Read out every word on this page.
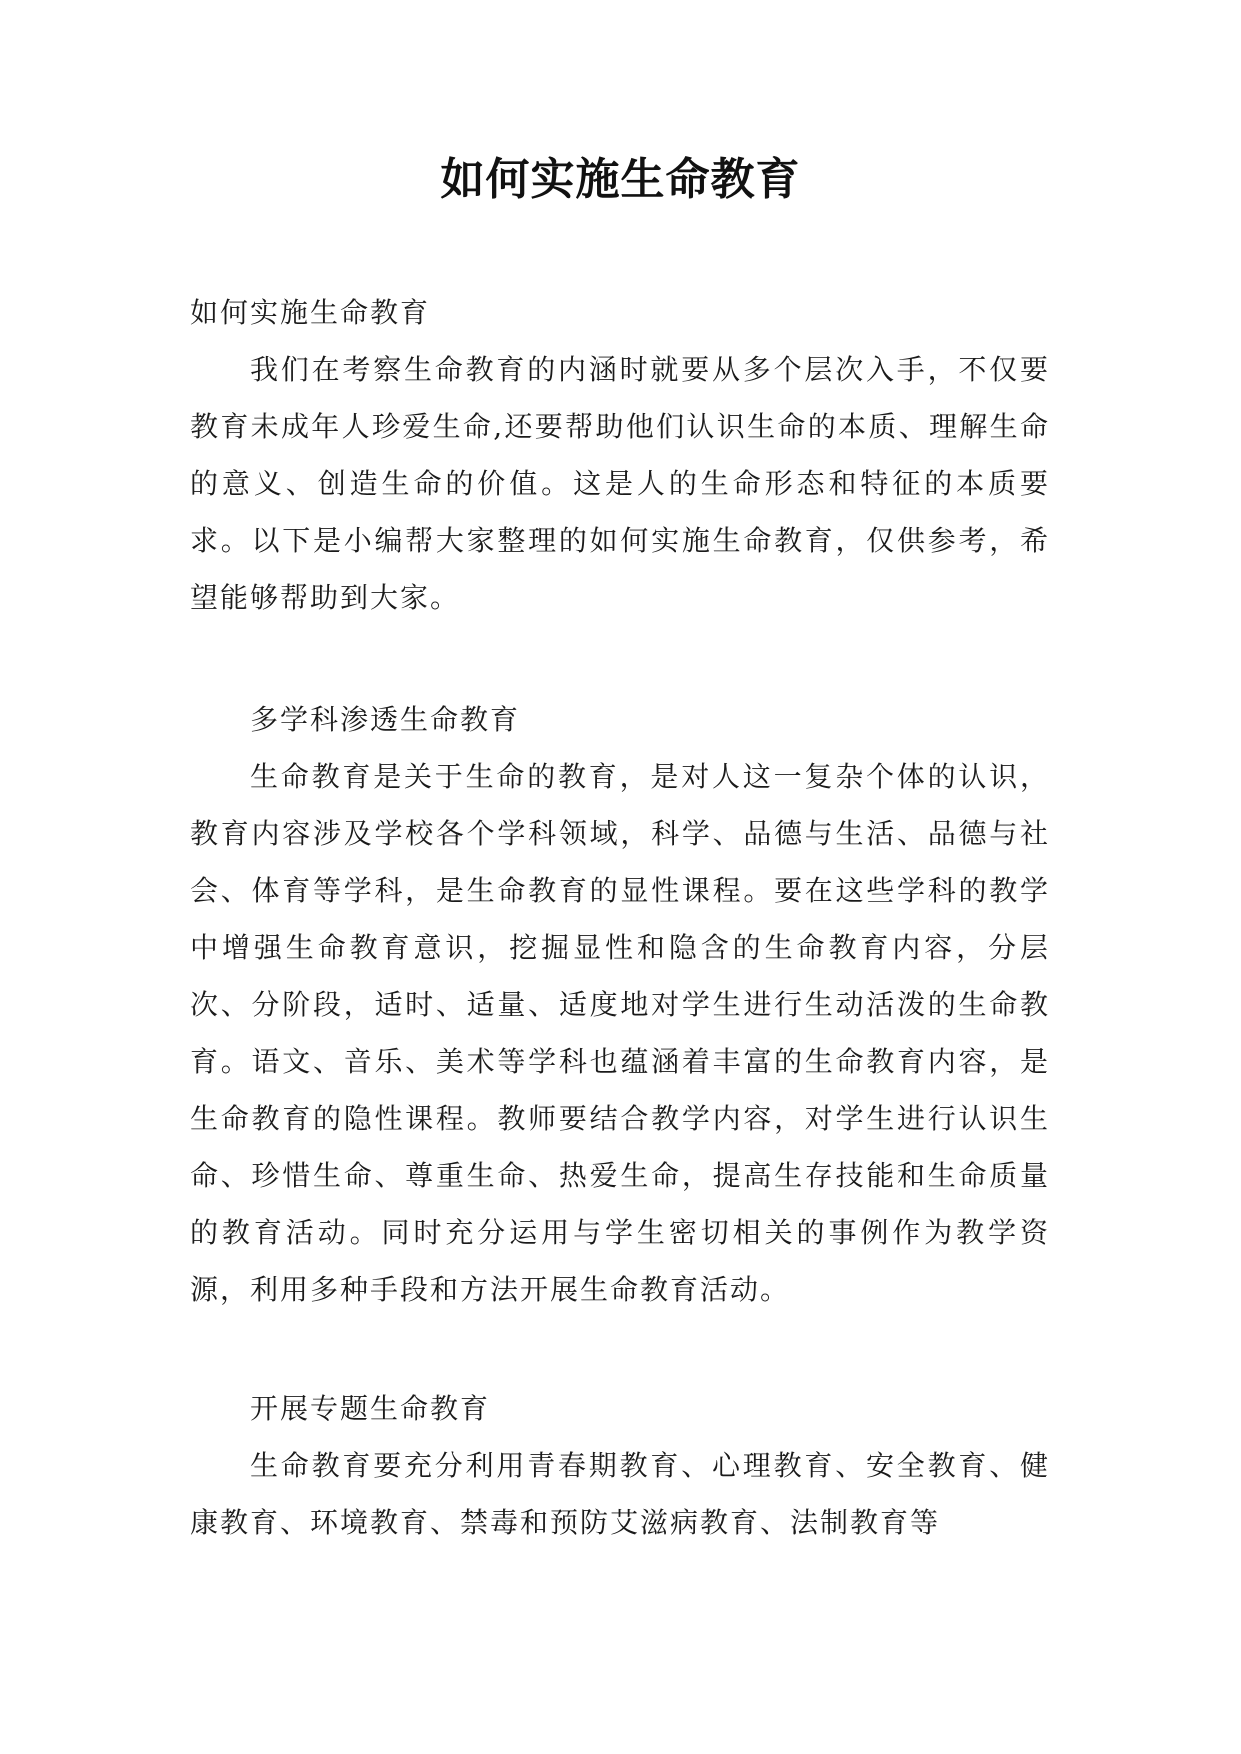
如何实施生命教育

如何实施生命教育

我们在考察生命教育的内涵时就要从多个层次入手，不仅要教育未成年人珍爱生命,还要帮助他们认识生命的本质、理解生命的意义、创造生命的价值。这是人的生命形态和特征的本质要求。以下是小编帮大家整理的如何实施生命教育，仅供参考，希望能够帮助到大家。

多学科渗透生命教育

生命教育是关于生命的教育，是对人这一复杂个体的认识，教育内容涉及学校各个学科领域，科学、品德与生活、品德与社会、体育等学科，是生命教育的显性课程。要在这些学科的教学中增强生命教育意识，挖掘显性和隐含的生命教育内容，分层次、分阶段，适时、适量、适度地对学生进行生动活泼的生命教育。语文、音乐、美术等学科也蕴涵着丰富的生命教育内容，是生命教育的隐性课程。教师要结合教学内容，对学生进行认识生命、珍惜生命、尊重生命、热爱生命，提高生存技能和生命质量的教育活动。同时充分运用与学生密切相关的事例作为教学资源，利用多种手段和方法开展生命教育活动。

开展专题生命教育

生命教育要充分利用青春期教育、心理教育、安全教育、健康教育、环境教育、禁毒和预防艾滋病教育、法制教育等
